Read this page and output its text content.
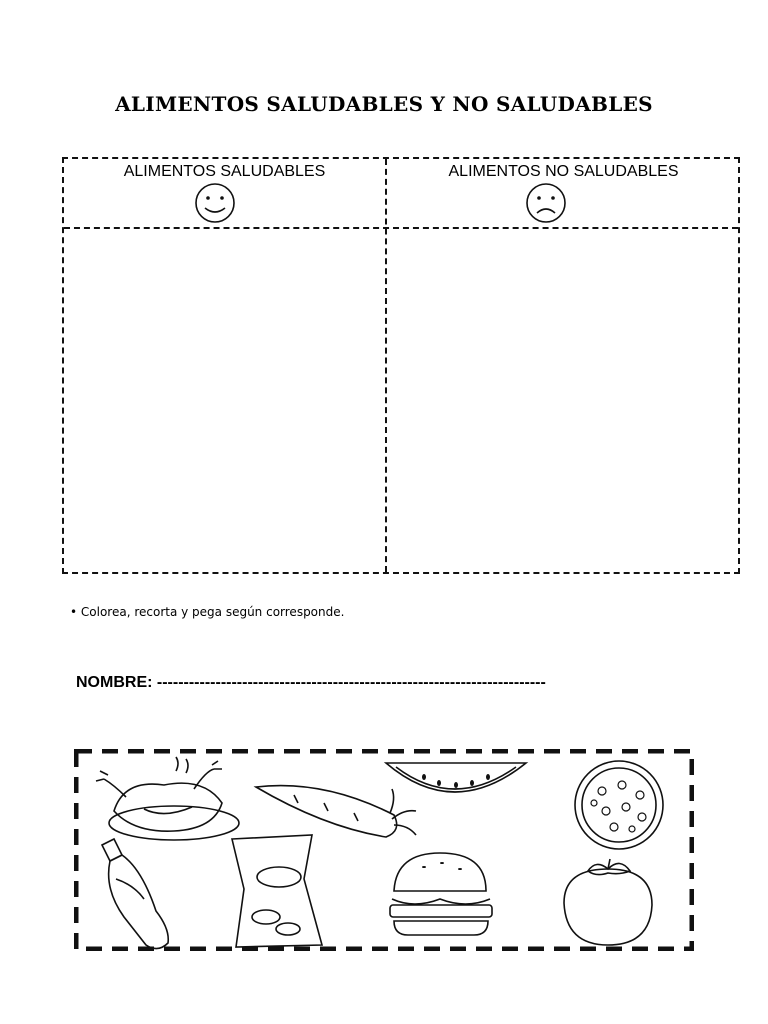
ALIMENTOS SALUDABLES Y NO SALUDABLES
ALIMENTOS SALUDABLES	ALIMENTOS NO SALUDABLES
• Colorea, recorta y pega según corresponde.
NOMBRE: -------------------------------------------------------------------------
